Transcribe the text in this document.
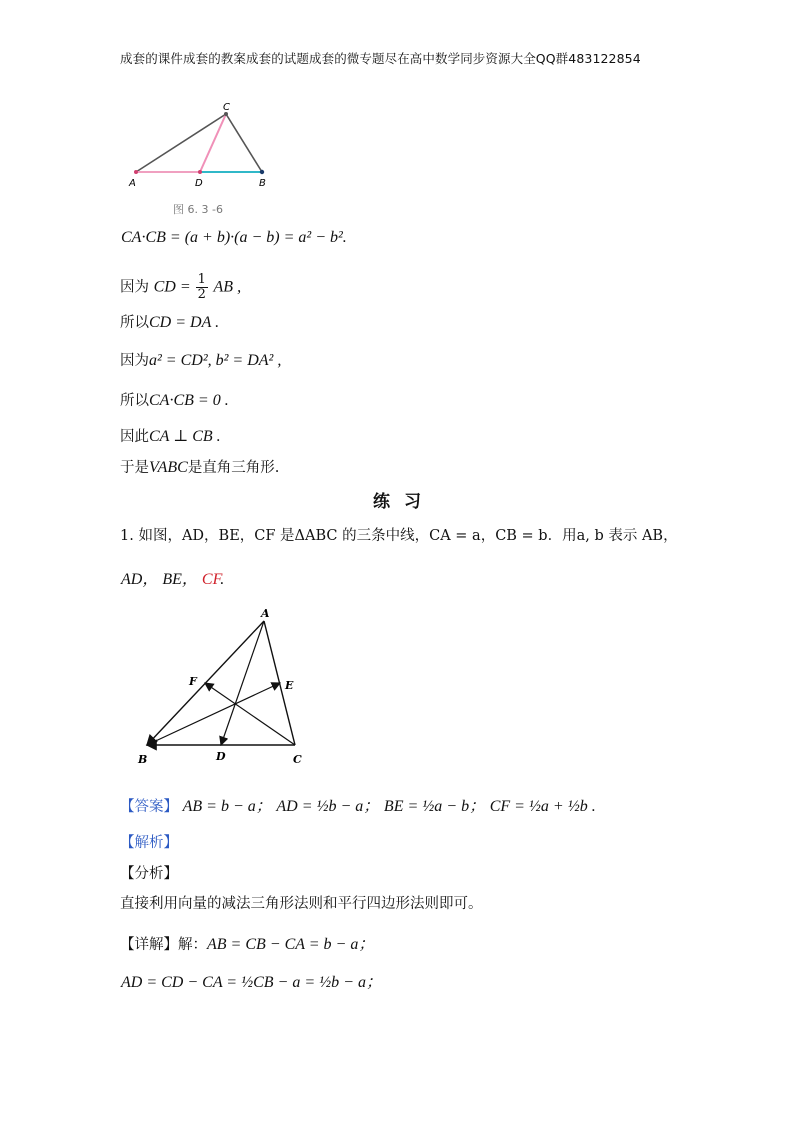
成套的课件成套的教案成套的试题成套的微专题尽在高中数学同步资源大全QQ群483122854
A	D	B
C
图 6. 3 -6
CA·CB = (a + b)·(a − b) = a² − b².
因为 CD = $\frac{1}{2}$ AB ,
所以CD = DA .
因为a² = CD², b² = DA² ,
所以CA·CB = 0 .
因此CA ⊥ CB .
于是VABC是直角三角形.
练习
1. 如图，AD，BE，CF 是ΔABC 的三条中线，CA = a，CB = b．用a, b 表示 AB，
AD， BE， CF.
A
B	C
D
E
F
【答案】 AB = b − a； AD = ½b − a； BE = ½a − b； CF = ½a + ½b .
【解析】
【分析】
直接利用向量的减法三角形法则和平行四边形法则即可。
【详解】解：AB = CB − CA = b − a；
AD = CD − CA = ½CB − a = ½b − a；
